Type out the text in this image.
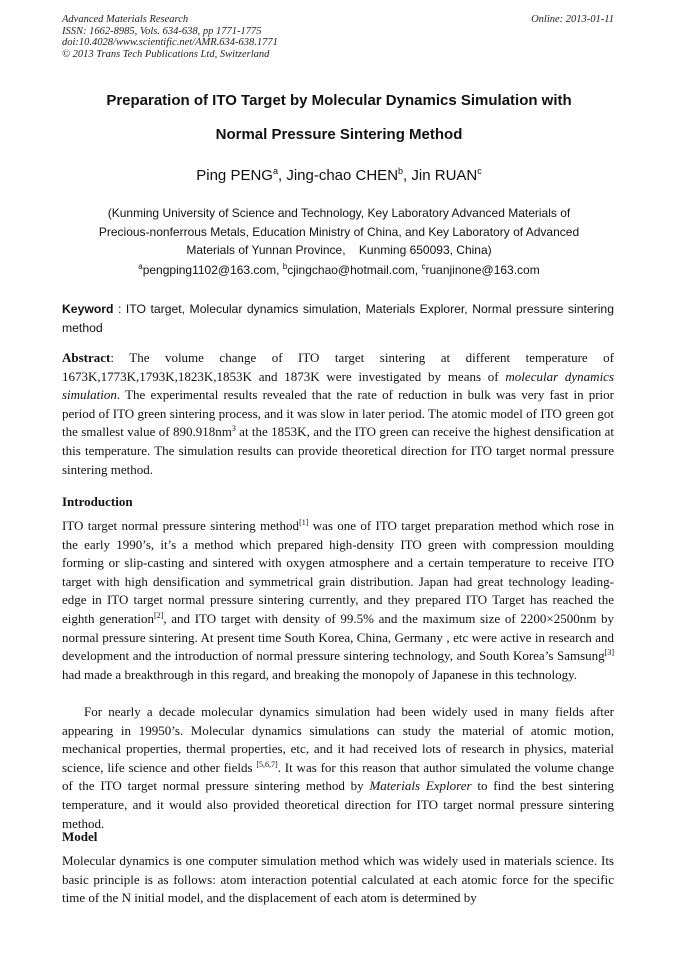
Advanced Materials Research
ISSN: 1662-8985, Vols. 634-638, pp 1771-1775
doi:10.4028/www.scientific.net/AMR.634-638.1771
© 2013 Trans Tech Publications Ltd, Switzerland
Online: 2013-01-11
Preparation of ITO Target by Molecular Dynamics Simulation with
Normal Pressure Sintering Method
Ping PENG$^a$, Jing-chao CHEN$^b$, Jin RUAN$^c$
(Kunming University of Science and Technology, Key Laboratory Advanced Materials of
Precious-nonferrous Metals, Education Ministry of China, and Key Laboratory of Advanced
Materials of Yunnan Province,    Kunming 650093, China)
$^a$pengping1102@163.com, $^b$cjingchao@hotmail.com, $^c$ruanjinone@163.com
Keyword : ITO target, Molecular dynamics simulation, Materials Explorer, Normal pressure sintering method
Abstract: The volume change of ITO target sintering at different temperature of 1673K,1773K,1793K,1823K,1853K and 1873K were investigated by means of molecular dynamics simulation. The experimental results revealed that the rate of reduction in bulk was very fast in prior period of ITO green sintering process, and it was slow in later period. The atomic model of ITO green got the smallest value of $890.918nm^3$ at the 1853K, and the ITO green can receive the highest densification at this temperature. The simulation results can provide theoretical direction for ITO target normal pressure sintering method.
Introduction
ITO target normal pressure sintering method[1] was one of ITO target preparation method which rose in the early 1990’s, it’s a method which prepared high-density ITO green with compression moulding forming or slip-casting and sintered with oxygen atmosphere and a certain temperature to receive ITO target with high densification and symmetrical grain distribution. Japan had great technology leading-edge in ITO target normal pressure sintering currently, and they prepared ITO Target has reached the eighth generation[2], and ITO target with density of 99.5% and the maximum size of 2200×2500nm by normal pressure sintering. At present time South Korea, China, Germany , etc were active in research and development and the introduction of normal pressure sintering technology, and South Korea’s Samsung[3] had made a breakthrough in this regard, and breaking the monopoly of Japanese in this technology.
For nearly a decade molecular dynamics simulation had been widely used in many fields after appearing in 19950’s. Molecular dynamics simulations can study the material of atomic motion, mechanical properties, thermal properties, etc, and it had received lots of research in physics, material science, life science and other fields [5,6,7]. It was for this reason that author simulated the volume change of the ITO target normal pressure sintering method by Materials Explorer to find the best sintering temperature, and it would also provided theoretical direction for ITO target normal pressure sintering method.
Model
Molecular dynamics is one computer simulation method which was widely used in materials science. Its basic principle is as follows: atom interaction potential calculated at each atomic force for the specific time of the N initial model, and the displacement of each atom is determined by
